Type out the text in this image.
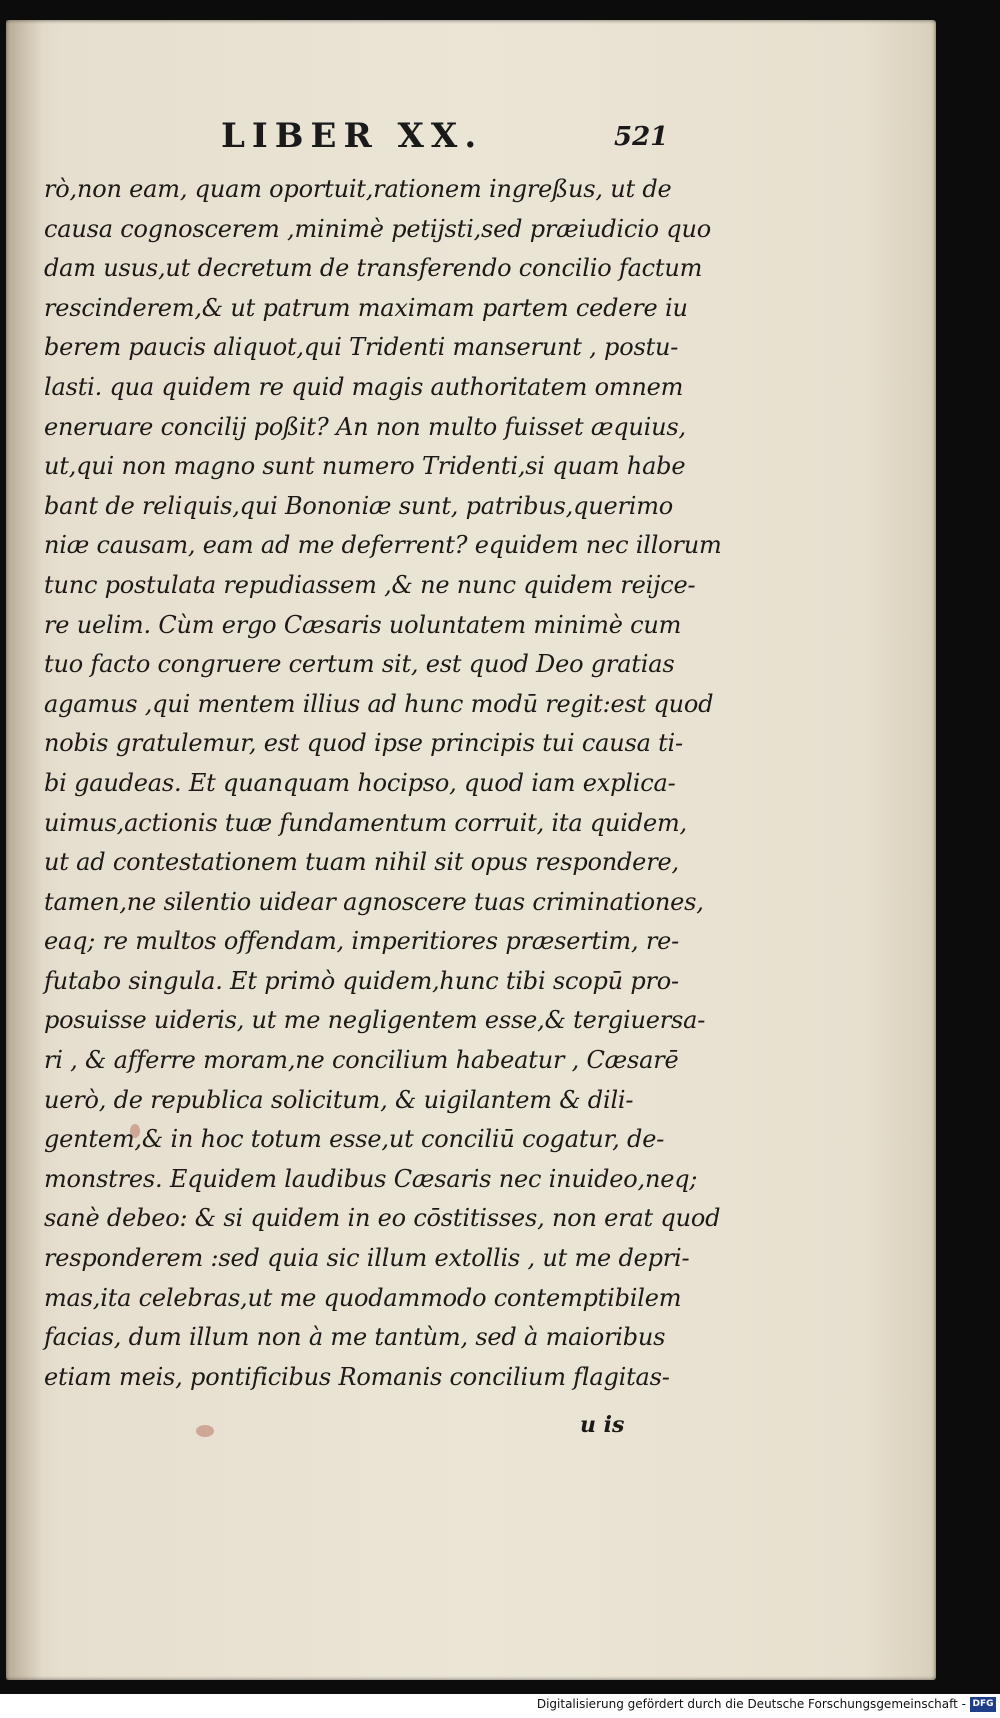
LIBER XX.	521
rò,non eam, quam oportuit,rationem ingreßus, ut de
causa cognoscerem ,minimè petijsti,sed præiudicio quo
dam usus,ut decretum de transferendo concilio factum
rescinderem,& ut patrum maximam partem cedere iu
berem paucis aliquot,qui Tridenti manserunt , postu-
lasti. qua quidem re quid magis authoritatem omnem
eneruare concilij poßit? An non multo fuisset æquius,
ut,qui non magno sunt numero Tridenti,si quam habe
bant de reliquis,qui Bononiæ sunt, patribus,querimo
niæ causam, eam ad me deferrent? equidem nec illorum
tunc postulata repudiassem ,& ne nunc quidem reijce-
re uelim. Cùm ergo Cæsaris uoluntatem minimè cum
tuo facto congruere certum sit, est quod Deo gratias
agamus ,qui mentem illius ad hunc modū regit:est quod
nobis gratulemur, est quod ipse principis tui causa ti-
bi gaudeas. Et quanquam hocipso, quod iam explica-
uimus,actionis tuæ fundamentum corruit, ita quidem,
ut ad contestationem tuam nihil sit opus respondere,
tamen,ne silentio uidear agnoscere tuas criminationes,
eaq; re multos offendam, imperitiores præsertim, re-
futabo singula. Et primò quidem,hunc tibi scopū pro-
posuisse uideris, ut me negligentem esse,& tergiuersa-
ri , & afferre moram,ne concilium habeatur , Cæsarē
uerò, de republica solicitum, & uigilantem & dili-
gentem,& in hoc totum esse,ut conciliū cogatur, de-
monstres. Equidem laudibus Cæsaris nec inuideo,neq;
sanè debeo: & si quidem in eo cōstitisses, non erat quod
responderem :sed quia sic illum extollis , ut me depri-
mas,ita celebras,ut me quodammodo contemptibilem
facias, dum illum non à me tantùm, sed à maioribus
etiam meis, pontificibus Romanis concilium flagitas-
u is
Digitalisierung gefördert durch die Deutsche Forschungsgemeinschaft - DFG
